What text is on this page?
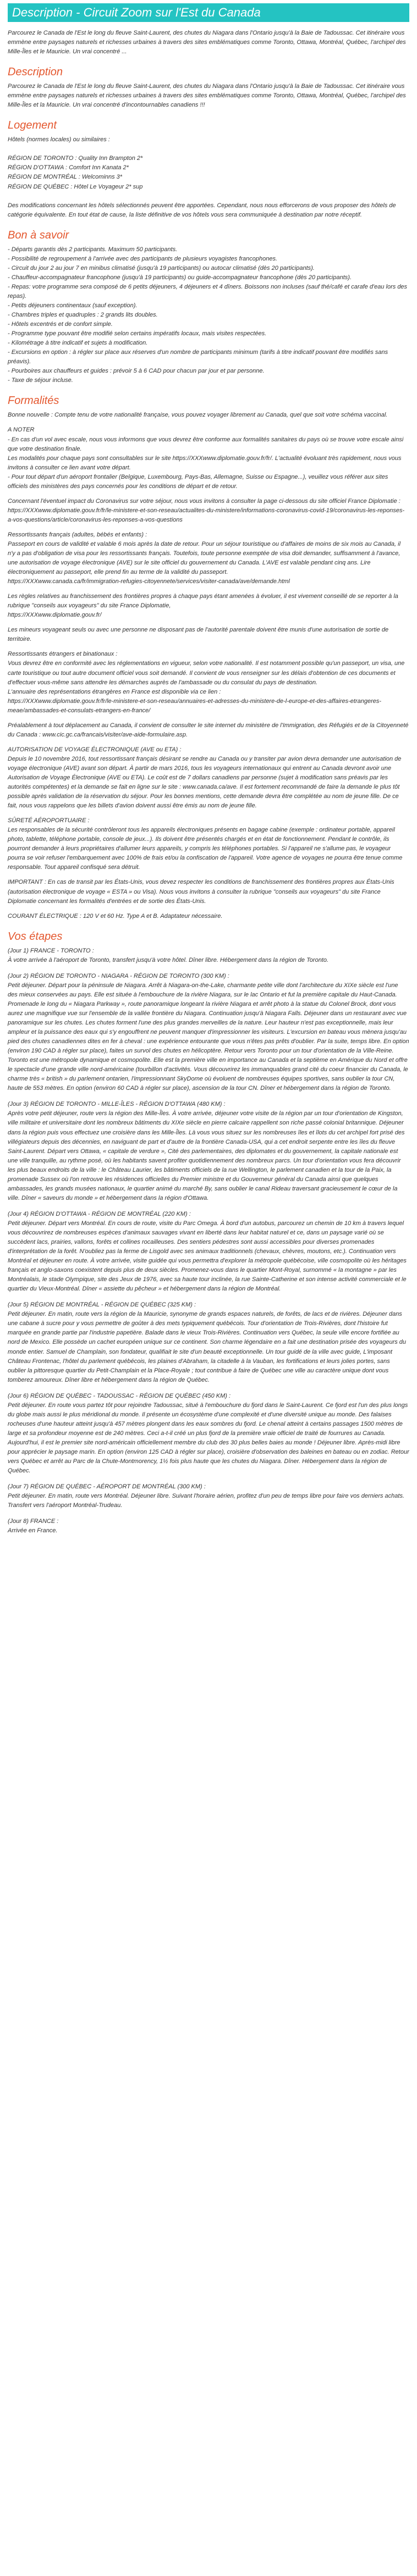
Description - Circuit Zoom sur l'Est du Canada

Parcourez le Canada de l'Est le long du fleuve Saint-Laurent, des chutes du Niagara dans l'Ontario jusqu'à la Baie de Tadoussac. Cet itinéraire vous emmène entre paysages naturels et richesses urbaines à travers des sites emblématiques comme Toronto, Ottawa, Montréal, Québec, l'archipel des Mille-Îles et le Mauricie. Un vrai concentré ...

Description

Parcourez le Canada de l'Est le long du fleuve Saint-Laurent, des chutes du Niagara dans l'Ontario jusqu'à la Baie de Tadoussac. Cet itinéraire vous emmène entre paysages naturels et richesses urbaines à travers des sites emblématiques comme Toronto, Ottawa, Montréal, Québec, l'archipel des Mille-Îles et la Mauricie. Un vrai concentré d'incontournables canadiens !!!

Logement

Hôtels (normes locales) ou similaires :

RÉGION DE TORONTO : Quality Inn Brampton 2*

RÉGION D'OTTAWA : Comfort Inn Kanata 2*

RÉGION DE MONTRÉAL : Welcominns 3*

RÉGION DE QUÉBEC : Hôtel Le Voyageur 2* sup

Des modifications concernant les hôtels sélectionnés peuvent être apportées. Cependant, nous nous efforcerons de vous proposer des hôtels de catégorie équivalente. En tout état de cause, la liste définitive de vos hôtels vous sera communiquée à destination par notre réceptif.

Bon à savoir

- Départs garantis dès 2 participants. Maximum 50 participants.

- Possibilité de regroupement à l'arrivée avec des participants de plusieurs voyagistes francophones.

- Circuit du jour 2 au jour 7 en minibus climatisé (jusqu'à 19 participants) ou autocar climatisé (dès 20 participants).

- Chauffeur-accompagnateur francophone (jusqu'à 19 participants) ou guide-accompagnateur francophone (dès 20 participants).

- Repas: votre programme sera composé de 6 petits déjeuners, 4 déjeuners et 4 dîners. Boissons non incluses (sauf thé/café et carafe d'eau lors des repas).

- Petits déjeuners continentaux (sauf exception).

- Chambres triples et quadruples : 2 grands lits doubles.

- Hôtels excentrés et de confort simple.

- Programme type pouvant être modifié selon certains impératifs locaux, mais visites respectées.

- Kilométrage à titre indicatif et sujets à modification.

- Excursions en option : à régler sur place aux réserves d'un nombre de participants minimum (tarifs à titre indicatif pouvant être modifiés sans préavis).

- Pourboires aux chauffeurs et guides : prévoir 5 à 6 CAD pour chacun par jour et par personne.

- Taxe de séjour incluse.

Formalités

Bonne nouvelle : Compte tenu de votre nationalité française, vous pouvez voyager librement au Canada, quel que soit votre schéma vaccinal.

A NOTER
- En cas d'un vol avec escale, nous vous informons que vous devrez être conforme aux formalités sanitaires du pays où se trouve votre escale ainsi que votre destination finale.
Les modalités pour chaque pays sont consultables sur le site https://XXXwww.diplomatie.gouv.fr/fr/. L'actualité évoluant très rapidement, nous vous invitons à consulter ce lien avant votre départ.
- Pour tout départ d'un aéroport frontalier (Belgique, Luxembourg, Pays-Bas, Allemagne, Suisse ou Espagne...), veuillez vous référer aux sites officiels des ministères des pays concernés pour les conditions de départ et de retour.

Concernant l'éventuel impact du Coronavirus sur votre séjour, nous vous invitons à consulter la page ci-dessous du site officiel France Diplomatie :
https://XXXwww.diplomatie.gouv.fr/fr/le-ministere-et-son-reseau/actualites-du-ministere/informations-coronavirus-covid-19/coronavirus-les-reponses-a-vos-questions/article/coronavirus-les-reponses-a-vos-questions

Ressortissants français (adultes, bébés et enfants) :
Passeport en cours de validité et valable 6 mois après la date de retour. Pour un séjour touristique ou d'affaires de moins de six mois au Canada, il n'y a pas d'obligation de visa pour les ressortissants français. Toutefois, toute personne exemptée de visa doit demander, suffisamment à l'avance, une autorisation de voyage électronique (AVE) sur le site officiel du gouvernement du Canada. L'AVE est valable pendant cinq ans. Lire électroniquement au passeport, elle prend fin au terme de la validité du passeport.
https://XXXwww.canada.ca/fr/immigration-refugies-citoyennete/services/visiter-canada/ave/demande.html

Les règles relatives au franchissement des frontières propres à chaque pays étant amenées à évoluer, il est vivement conseillé de se reporter à la rubrique "conseils aux voyageurs" du site France Diplomatie,
https://XXXwww.diplomatie.gouv.fr/

Les mineurs voyageant seuls ou avec une personne ne disposant pas de l'autorité parentale doivent être munis d'une autorisation de sortie de territoire.

Ressortissants étrangers et binationaux :
Vous devrez être en conformité avec les réglementations en vigueur, selon votre nationalité. Il est notamment possible qu'un passeport, un visa, une carte touristique ou tout autre document officiel vous soit demandé. Il convient de vous renseigner sur les délais d'obtention de ces documents et d'effectuer vous-même sans attendre les démarches auprès de l'ambassade ou du consulat du pays de destination.
L'annuaire des représentations étrangères en France est disponible via ce lien :
https://XXXwww.diplomatie.gouv.fr/fr/le-ministere-et-son-reseau/annuaires-et-adresses-du-ministere-de-l-europe-et-des-affaires-etrangeres-meae/ambassades-et-consulats-etrangers-en-france/

Préalablement à tout déplacement au Canada, il convient de consulter le site internet du ministère de l'Immigration, des Réfugiés et de la Citoyenneté du Canada : www.cic.gc.ca/francais/visiter/ave-aide-formulaire.asp.

AUTORISATION DE VOYAGE ÉLECTRONIQUE (AVE ou ETA) :
Depuis le 10 novembre 2016, tout ressortissant français désirant se rendre au Canada ou y transiter par avion devra demander une autorisation de voyage électronique (AVE) avant son départ. À partir de mars 2016, tous les voyageurs internationaux qui entrent au Canada devront avoir une Autorisation de Voyage Électronique (AVE ou ETA). Le coût est de 7 dollars canadiens par personne (sujet à modification sans préavis par les autorités compétentes) et la demande se fait en ligne sur le site : www.canada.ca/ave. Il est fortement recommandé de faire la demande le plus tôt possible après validation de la réservation du séjour. Pour les bonnes mentions, cette demande devra être complétée au nom de jeune fille. De ce fait, nous vous rappelons que les billets d'avion doivent aussi être émis au nom de jeune fille.

SÛRETÉ AÉROPORTUAIRE :
Les responsables de la sécurité contrôleront tous les appareils électroniques présents en bagage cabine (exemple : ordinateur portable, appareil photo, tablette, téléphone portable, console de jeux...). Ils doivent être présentés chargés et en état de fonctionnement. Pendant le contrôle, ils pourront demander à leurs propriétaires d'allumer leurs appareils, y compris les téléphones portables. Si l'appareil ne s'allume pas, le voyageur pourra se voir refuser l'embarquement avec 100% de frais et/ou la confiscation de l'appareil. Votre agence de voyages ne pourra être tenue comme responsable. Tout appareil confisqué sera détruit.

IMPORTANT : En cas de transit par les États-Unis, vous devez respecter les conditions de franchissement des frontières propres aux États-Unis (autorisation électronique de voyage « ESTA » ou Visa). Nous vous invitons à consulter la rubrique "conseils aux voyageurs" du site France Diplomatie concernant les formalités d'entrées et de sortie des États-Unis.

COURANT ÉLECTRIQUE : 120 V et 60 Hz. Type A et B. Adaptateur nécessaire.

Vos étapes

(Jour 1) FRANCE - TORONTO :

À votre arrivée à l'aéroport de Toronto, transfert jusqu'à votre hôtel. Dîner libre. Hébergement dans la région de Toronto.

(Jour 2) RÉGION DE TORONTO - NIAGARA - RÉGION DE TORONTO (300 KM) :

Petit déjeuner. Départ pour la péninsule de Niagara. Arrêt à Niagara-on-the-Lake, charmante petite ville dont l'architecture du XIXe siècle est l'une des mieux conservées au pays. Elle est située à l'embouchure de la rivière Niagara, sur le lac Ontario et fut la première capitale du Haut-Canada. Promenade le long du « Niagara Parkway », route panoramique longeant la rivière Niagara et arrêt photo à la statue du Colonel Brock, dont vous aurez une magnifique vue sur l'ensemble de la vallée frontière du Niagara. Continuation jusqu'à Niagara Falls. Déjeuner dans un restaurant avec vue panoramique sur les chutes. Les chutes forment l'une des plus grandes merveilles de la nature. Leur hauteur n'est pas exceptionnelle, mais leur ampleur et la puissance des eaux qui s'y engouffrent ne peuvent manquer d'impressionner les visiteurs. L'excursion en bateau vous mènera jusqu'au pied des chutes canadiennes dites en fer à cheval : une expérience entourante que vous n'êtes pas prêts d'oublier. Par la suite, temps libre. En option (environ 190 CAD à régler sur place), faites un survol des chutes en hélicoptère. Retour vers Toronto pour un tour d'orientation de la Ville-Reine. Toronto est une métropole dynamique et cosmopolite. Elle est la première ville en importance au Canada et la septième en Amérique du Nord et offre le spectacle d'une grande ville nord-américaine (tourbillon d'activités. Vous découvrirez les immanquables grand cité du coeur financier du Canada, le charme très « british » du parlement ontarien, l'impressionnant SkyDome où évoluent de nombreuses équipes sportives, sans oublier la tour CN, haute de 553 mètres. En option (environ 60 CAD à régler sur place), ascension de la tour CN. Dîner et hébergement dans la région de Toronto.

(Jour 3) RÉGION DE TORONTO - MILLE-ÎLES - RÉGION D'OTTAWA (480 KM) :

Après votre petit déjeuner, route vers la région des Mille-Îles. À votre arrivée, déjeuner votre visite de la région par un tour d'orientation de Kingston, ville militaire et universitaire dont les nombreux bâtiments du XIXe siècle en pierre calcaire rappellent son riche passé colonial britannique. Déjeuner dans la région puis vous effectuez une croisière dans les Mille-Îles. Là vous vous situez sur les nombreuses îles et îlots du cet archipel fort prisé des villégiateurs depuis des décennies, en naviguant de part et d'autre de la frontière Canada-USA, qui a cet endroit serpente entre les îles du fleuve Saint-Laurent. Départ vers Ottawa, « capitale de verdure », Cité des parlementaires, des diplomates et du gouvernement, la capitale nationale est une ville tranquille, au rythme posé, où les habitants savent profiter quotidiennement des nombreux parcs. Un tour d'orientation vous fera découvrir les plus beaux endroits de la ville : le Château Laurier, les bâtiments officiels de la rue Wellington, le parlement canadien et la tour de la Paix, la promenade Sussex où l'on retrouve les résidences officielles du Premier ministre et du Gouverneur général du Canada ainsi que quelques ambassades, les grands musées nationaux, le quartier animé du marché By, sans oublier le canal Rideau traversant gracieusement le cœur de la ville. Dîner « saveurs du monde » et hébergement dans la région d'Ottawa.

(Jour 4) RÉGION D'OTTAWA - RÉGION DE MONTRÉAL (220 KM) :

Petit déjeuner. Départ vers Montréal. En cours de route, visite du Parc Omega. À bord d'un autobus, parcourez un chemin de 10 km à travers lequel vous découvrirez de nombreuses espèces d'animaux sauvages vivant en liberté dans leur habitat naturel et ce, dans un paysage varié où se succèdent lacs, prairies, vallons, forêts et collines rocailleuses. Des sentiers pédestres sont aussi accessibles pour diverses promenades d'interprétation de la forêt. N'oubliez pas la ferme de Lisgold avec ses animaux traditionnels (chevaux, chèvres, moutons, etc.). Continuation vers Montréal et déjeuner en route. À votre arrivée, visite guidée qui vous permettra d'explorer la métropole québécoise, ville cosmopolite où les héritages français et anglo-saxons coexistent depuis plus de deux siècles. Promenez-vous dans le quartier Mont-Royal, surnommé « la montagne » par les Montréalais, le stade Olympique, site des Jeux de 1976, avec sa haute tour inclinée, la rue Sainte-Catherine et son intense activité commerciale et le quartier du Vieux-Montréal. Dîner « assiette du pêcheur » et hébergement dans la région de Montréal.

(Jour 5) RÉGION DE MONTRÉAL - RÉGION DE QUÉBEC (325 KM) :

Petit déjeuner. En matin, route vers la région de la Mauricie, synonyme de grands espaces naturels, de forêts, de lacs et de rivières. Déjeuner dans une cabane à sucre pour y vous permettre de goûter à des mets typiquement québécois. Tour d'orientation de Trois-Rivières, dont l'histoire fut marquée en grande partie par l'industrie papetière. Balade dans le vieux Trois-Rivières. Continuation vers Québec, la seule ville encore fortifiée au nord de Mexico. Elle possède un cachet européen unique sur ce continent. Son charme légendaire en a fait une destination prisée des voyageurs du monde entier. Samuel de Champlain, son fondateur, qualifiait le site d'un beauté exceptionnelle. Un tour guidé de la ville avec guide, L'imposant Château Frontenac, l'hôtel du parlement québécois, les plaines d'Abraham, la citadelle à la Vauban, les fortifications et leurs jolies portes, sans oublier la pittoresque quartier du Petit-Champlain et la Place-Royale ; tout contribue à faire de Québec une ville au caractère unique dont vous tomberez amoureux. Dîner libre et hébergement dans la région de Québec.

(Jour 6) RÉGION DE QUÉBEC - TADOUSSAC - RÉGION DE QUÉBEC (450 KM) :

Petit déjeuner. En route vous partez tôt pour rejoindre Tadoussac, situé à l'embouchure du fjord dans le Saint-Laurent. Ce fjord est l'un des plus longs du globe mais aussi le plus méridional du monde. Il présente un écosystème d'une complexité et d'une diversité unique au monde. Des falaises rocheuses d'une hauteur atteint jusqu'à 457 mètres plongent dans les eaux sombres du fjord. Le chenal atteint à certains passages 1500 mètres de large et sa profondeur moyenne est de 240 mètres. Ceci a-t-il créé un plus fjord de la première vraie officiel de traité de fourrures au Canada. Aujourd'hui, il est le premier site nord-américain officiellement membre du club des 30 plus belles baies au monde ! Déjeuner libre. Après-midi libre pour apprécier le paysage marin. En option (environ 125 CAD à régler sur place), croisière d'observation des baleines en bateau ou en zodiac. Retour vers Québec et arrêt au Parc de la Chute-Montmorency, 1½ fois plus haute que les chutes du Niagara. Dîner. Hébergement dans la région de Québec.

(Jour 7) RÉGION DE QUÉBEC - AÉROPORT DE MONTRÉAL (300 KM) :

Petit déjeuner. En matin, route vers Montréal. Déjeuner libre. Suivant l'horaire aérien, profitez d'un peu de temps libre pour faire vos derniers achats. Transfert vers l'aéroport Montréal-Trudeau.

(Jour 8) FRANCE :

Arrivée en France.
